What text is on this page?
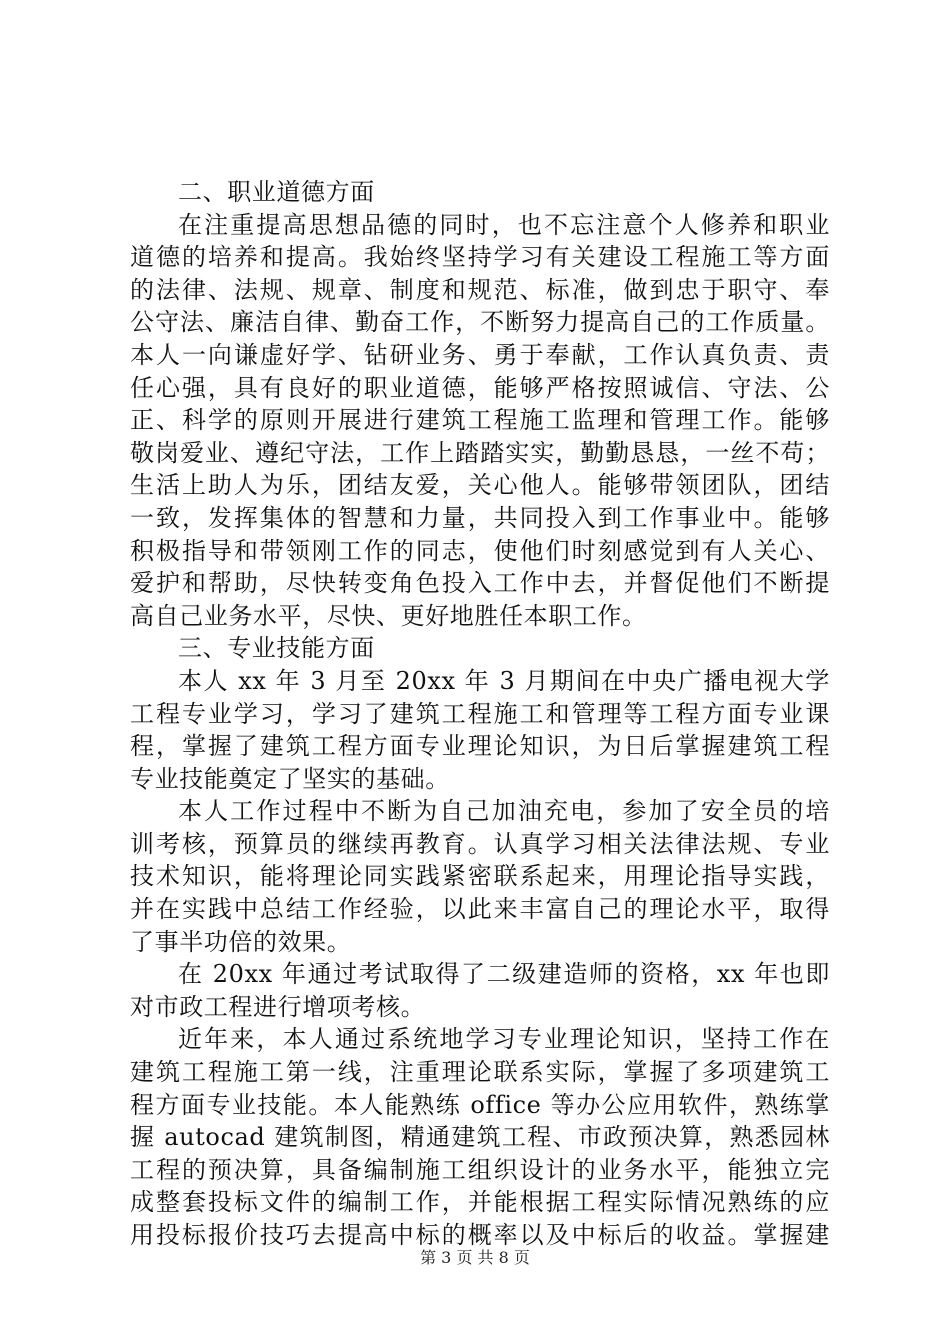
二、职业道德方面
在注重提高思想品德的同时，也不忘注意个人修养和职业
道德的培养和提高。我始终坚持学习有关建设工程施工等方面
的法律、法规、规章、制度和规范、标准，做到忠于职守、奉
公守法、廉洁自律、勤奋工作，不断努力提高自己的工作质量。
本人一向谦虚好学、钻研业务、勇于奉献，工作认真负责、责
任心强，具有良好的职业道德，能够严格按照诚信、守法、公
正、科学的原则开展进行建筑工程施工监理和管理工作。能够
敬岗爱业、遵纪守法，工作上踏踏实实，勤勤恳恳，一丝不苟；
生活上助人为乐，团结友爱，关心他人。能够带领团队，团结
一致，发挥集体的智慧和力量，共同投入到工作事业中。能够
积极指导和带领刚工作的同志，使他们时刻感觉到有人关心、
爱护和帮助，尽快转变角色投入工作中去，并督促他们不断提
高自己业务水平，尽快、更好地胜任本职工作。
三、专业技能方面
本人 xx 年 3 月至 20xx 年 3 月期间在中央广播电视大学
工程专业学习，学习了建筑工程施工和管理等工程方面专业课
程，掌握了建筑工程方面专业理论知识，为日后掌握建筑工程
专业技能奠定了坚实的基础。
本人工作过程中不断为自己加油充电，参加了安全员的培
训考核，预算员的继续再教育。认真学习相关法律法规、专业
技术知识，能将理论同实践紧密联系起来，用理论指导实践，
并在实践中总结工作经验，以此来丰富自己的理论水平，取得
了事半功倍的效果。
在 20xx 年通过考试取得了二级建造师的资格，xx 年也即
对市政工程进行增项考核。
近年来，本人通过系统地学习专业理论知识，坚持工作在
建筑工程施工第一线，注重理论联系实际，掌握了多项建筑工
程方面专业技能。本人能熟练 office 等办公应用软件，熟练掌
握 autocad 建筑制图，精通建筑工程、市政预决算，熟悉园林
工程的预决算，具备编制施工组织设计的业务水平，能独立完
成整套投标文件的编制工作，并能根据工程实际情况熟练的应
用投标报价技巧去提高中标的概率以及中标后的收益。掌握建
第 3 页 共 8 页
